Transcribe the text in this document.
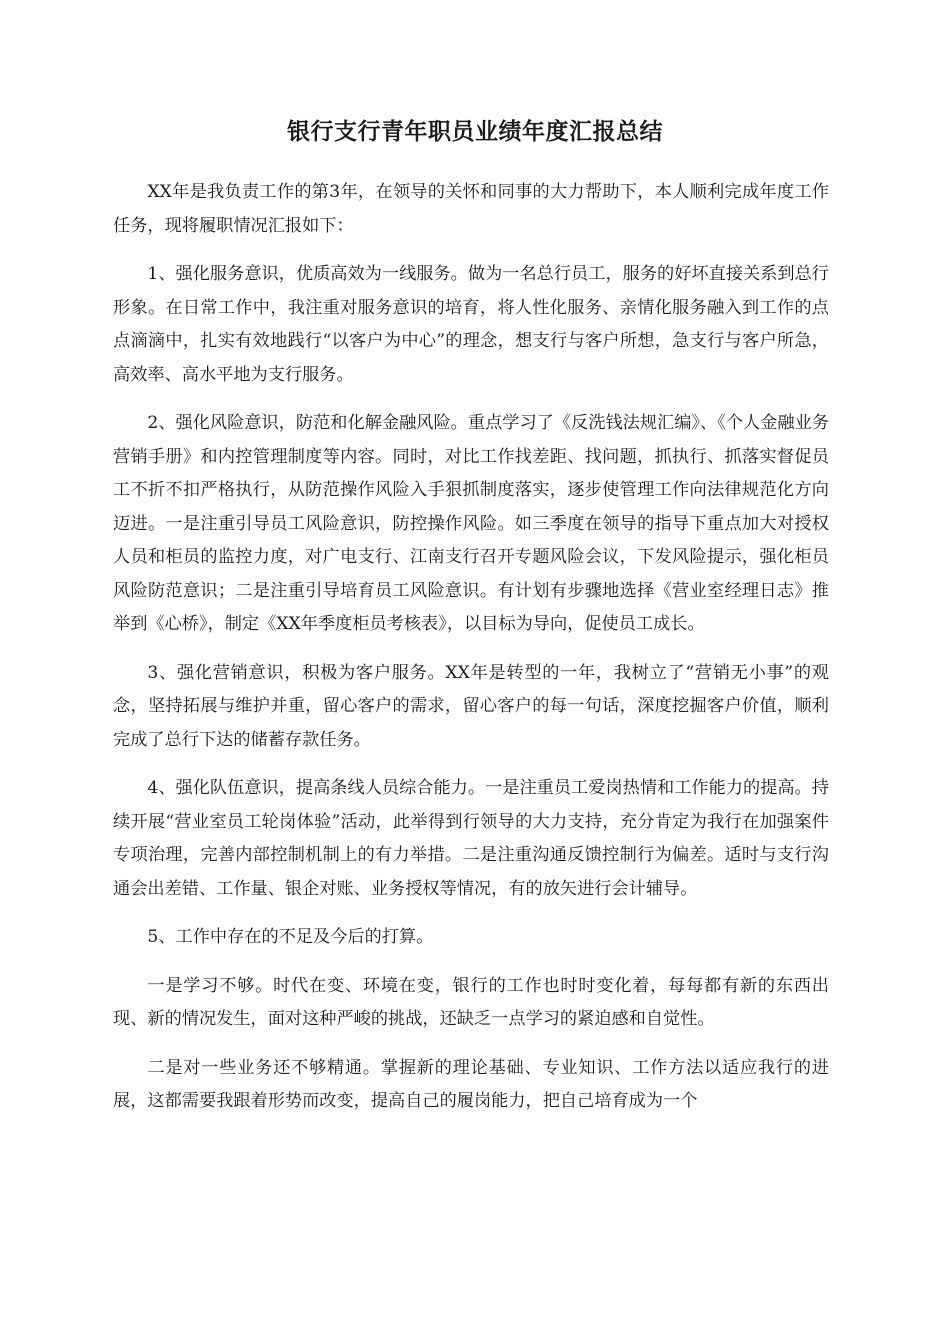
银行支行青年职员业绩年度汇报总结

XX年是我负责工作的第3年，在领导的关怀和同事的大力帮助下，本人顺利完成年度工作任务，现将履职情况汇报如下：

1、强化服务意识，优质高效为一线服务。做为一名总行员工，服务的好坏直接关系到总行形象。在日常工作中，我注重对服务意识的培育，将人性化服务、亲情化服务融入到工作的点点滴滴中，扎实有效地践行“以客户为中心”的理念，想支行与客户所想，急支行与客户所急，高效率、高水平地为支行服务。

2、强化风险意识，防范和化解金融风险。重点学习了《反洗钱法规汇编》、《个人金融业务营销手册》和内控管理制度等内容。同时，对比工作找差距、找问题，抓执行、抓落实督促员工不折不扣严格执行，从防范操作风险入手狠抓制度落实，逐步使管理工作向法律规范化方向迈进。一是注重引导员工风险意识，防控操作风险。如三季度在领导的指导下重点加大对授权人员和柜员的监控力度，对广电支行、江南支行召开专题风险会议，下发风险提示，强化柜员风险防范意识；二是注重引导培育员工风险意识。有计划有步骤地选择《营业室经理日志》推举到《心桥》，制定《XX年季度柜员考核表》，以目标为导向，促使员工成长。

3、强化营销意识，积极为客户服务。XX年是转型的一年，我树立了“营销无小事”的观念，坚持拓展与维护并重，留心客户的需求，留心客户的每一句话，深度挖掘客户价值，顺利完成了总行下达的储蓄存款任务。

4、强化队伍意识，提高条线人员综合能力。一是注重员工爱岗热情和工作能力的提高。持续开展“营业室员工轮岗体验”活动，此举得到行领导的大力支持，充分肯定为我行在加强案件专项治理，完善内部控制机制上的有力举措。二是注重沟通反馈控制行为偏差。适时与支行沟通会出差错、工作量、银企对账、业务授权等情况，有的放矢进行会计辅导。

5、工作中存在的不足及今后的打算。

一是学习不够。时代在变、环境在变，银行的工作也时时变化着，每每都有新的东西出现、新的情况发生，面对这种严峻的挑战，还缺乏一点学习的紧迫感和自觉性。

二是对一些业务还不够精通。掌握新的理论基础、专业知识、工作方法以适应我行的进展，这都需要我跟着形势而改变，提高自己的履岗能力，把自己培育成为一个
